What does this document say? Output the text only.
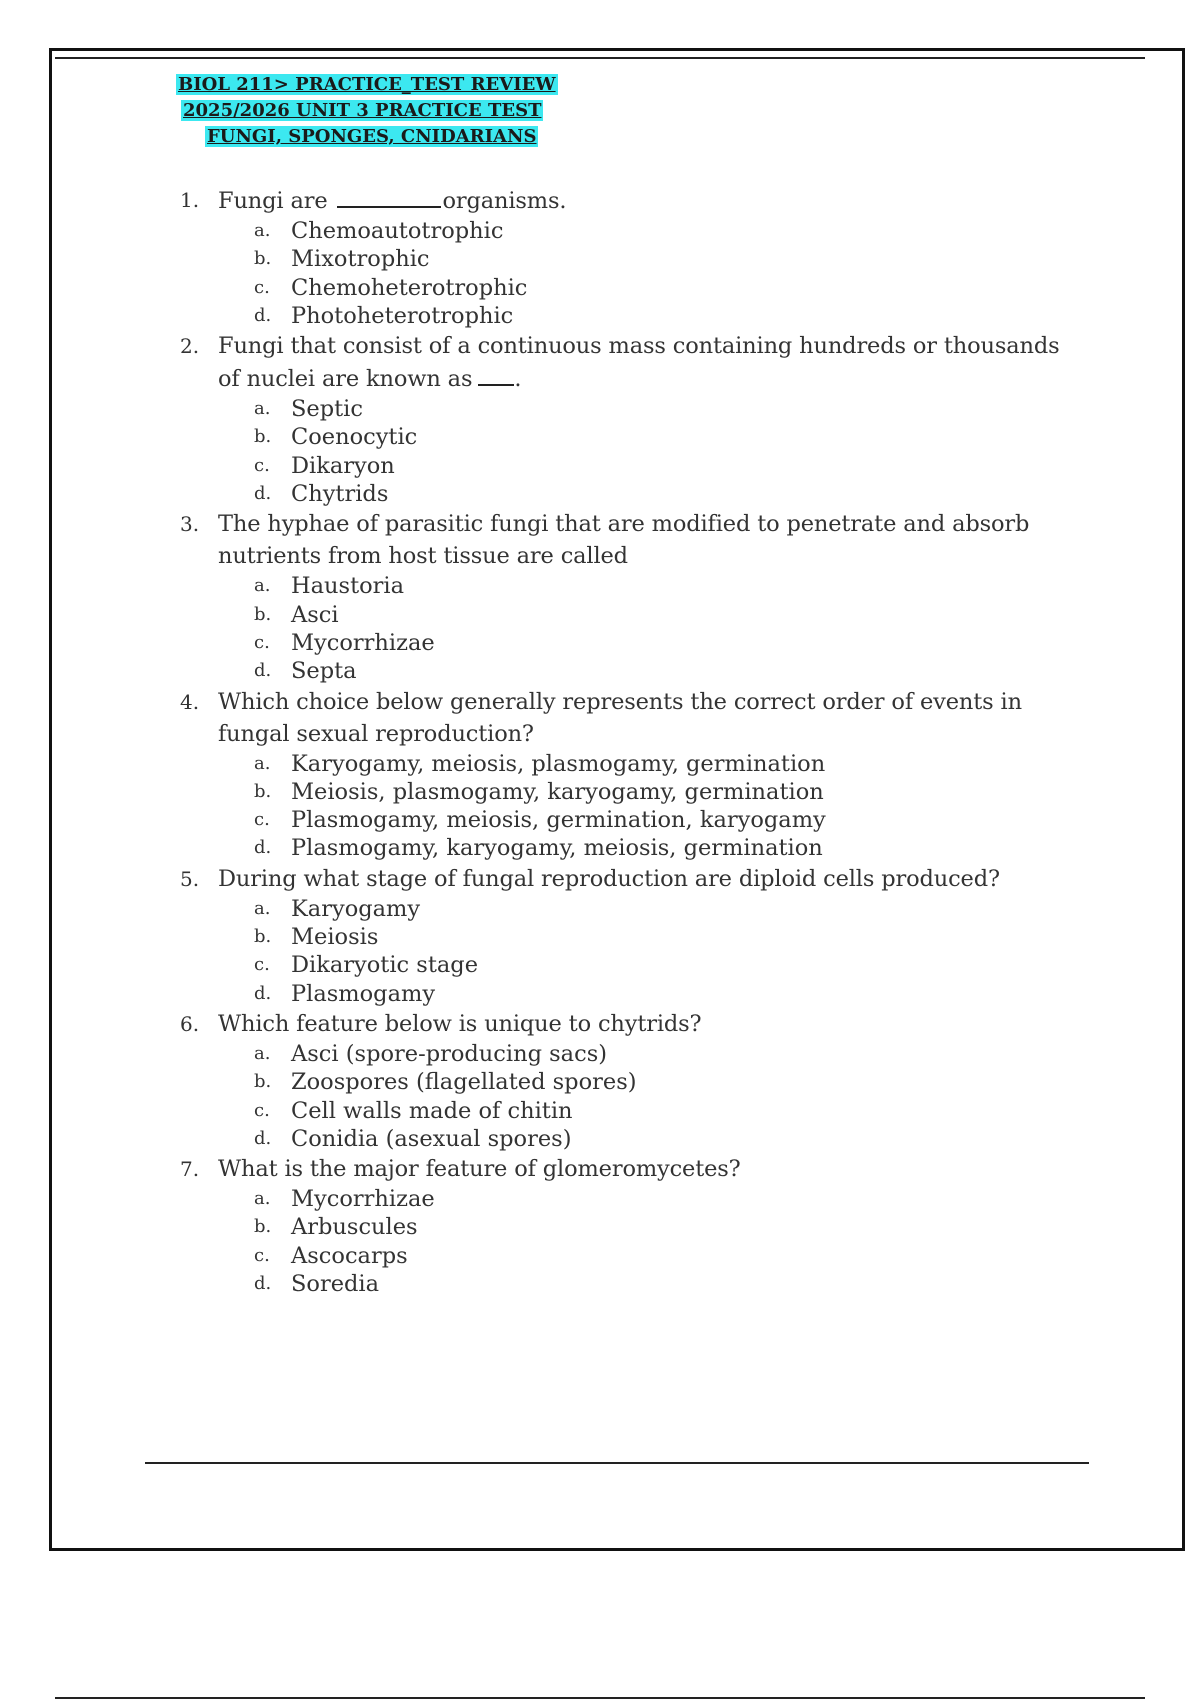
BIOL 211> PRACTICE_TEST REVIEW
2025/2026 UNIT 3 PRACTICE TEST
FUNGI, SPONGES, CNIDARIANS
1. Fungi are	organisms.
a. Chemoautotrophic
b. Mixotrophic
c. Chemoheterotrophic
d. Photoheterotrophic
2. Fungi that consist of a continuous mass containing hundreds or thousands of nuclei are known as .
a. Septic
b. Coenocytic
c. Dikaryon
d. Chytrids
3. The hyphae of parasitic fungi that are modified to penetrate and absorb nutrients from host tissue are called
a. Haustoria
b. Asci
c. Mycorrhizae
d. Septa
4. Which choice below generally represents the correct order of events in fungal sexual reproduction?
a. Karyogamy, meiosis, plasmogamy, germination
b. Meiosis, plasmogamy, karyogamy, germination
c. Plasmogamy, meiosis, germination, karyogamy
d. Plasmogamy, karyogamy, meiosis, germination
5. During what stage of fungal reproduction are diploid cells produced?
a. Karyogamy
b. Meiosis
c. Dikaryotic stage
d. Plasmogamy
6. Which feature below is unique to chytrids?
a. Asci (spore-producing sacs)
b. Zoospores (flagellated spores)
c. Cell walls made of chitin
d. Conidia (asexual spores)
7. What is the major feature of glomeromycetes?
a. Mycorrhizae
b. Arbuscules
c. Ascocarps
d. Soredia
